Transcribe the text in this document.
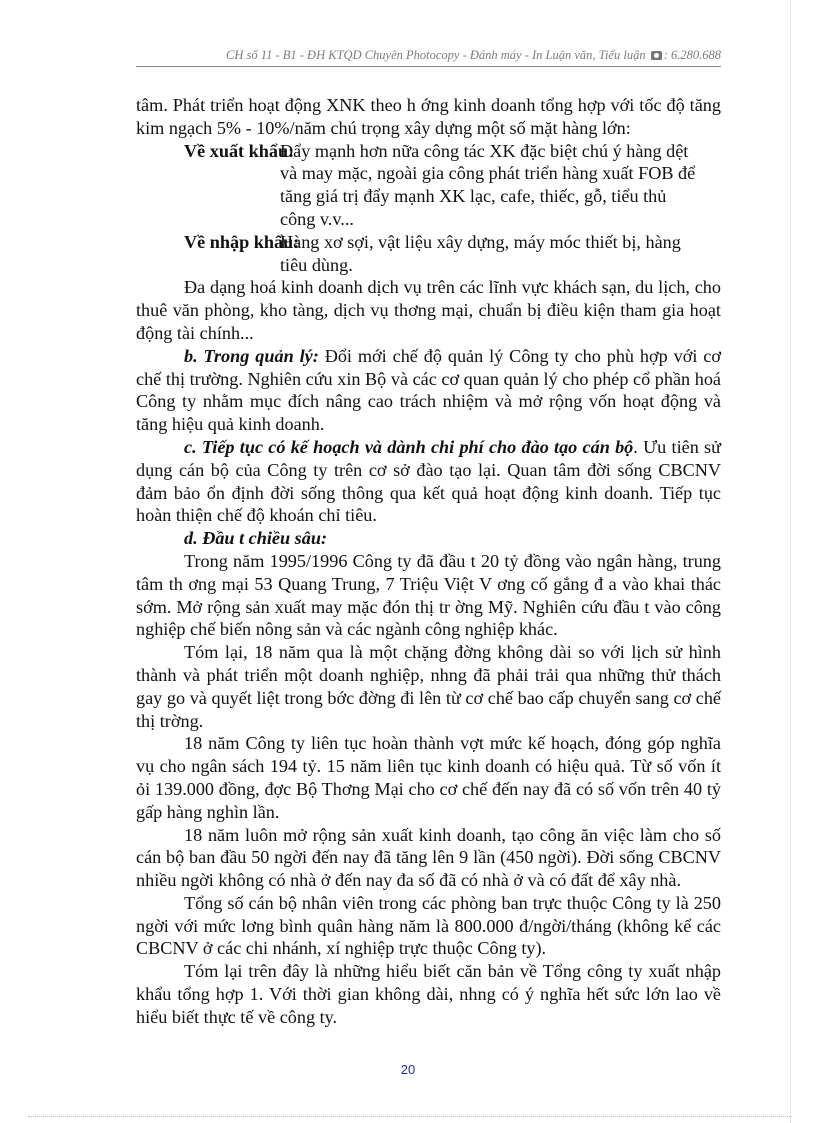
CH số 11 - B1 - ĐH KTQD Chuyên Photocopy - Đánh máy - In Luận văn, Tiểu luận : 6.280.688

tâm. Phát triển hoạt động XNK theo h ớng kinh doanh tổng hợp với tốc độ tăng kim ngạch 5% - 10%/năm chú trọng xây dựng một số mặt hàng lớn:

Về xuất khẩu:
Đẩy mạnh hơn nữa công tác XK đặc biệt chú ý hàng dệt và may mặc, ngoài gia công phát triển hàng xuất FOB để tăng giá trị đẩy mạnh XK lạc, cafe, thiếc, gỗ, tiểu thủ công v.v...
Về nhập khẩu:
Hàng xơ sợi, vật liệu xây dựng, máy móc thiết bị, hàng tiêu dùng.

Đa dạng hoá kinh doanh dịch vụ trên các lĩnh vực khách sạn, du lịch, cho thuê văn phòng, kho tàng, dịch vụ thơng mại, chuẩn bị điều kiện tham gia hoạt động tài chính...

b. Trong quản lý: Đổi mới chế độ quản lý Công ty cho phù hợp với cơ chế thị trường. Nghiên cứu xin Bộ và các cơ quan quản lý cho phép cổ phần hoá Công ty nhằm mục đích nâng cao trách nhiệm và mở rộng vốn hoạt động và tăng hiệu quả kinh doanh.

c. Tiếp tục có kế hoạch và dành chi phí cho đào tạo cán bộ. Ưu tiên sử dụng cán bộ của Công ty trên cơ sở đào tạo lại. Quan tâm đời sống CBCNV đảm bảo ổn định đời sống thông qua kết quả hoạt động kinh doanh. Tiếp tục hoàn thiện chế độ khoán chỉ tiêu.

d. Đầu t chiều sâu:

Trong năm 1995/1996 Công ty đã đầu t 20 tỷ đồng vào ngân hàng, trung tâm th ơng mại 53 Quang Trung, 7 Triệu Việt V ơng cố gắng đ a vào khai thác sớm. Mở rộng sản xuất may mặc đón thị tr ờng Mỹ. Nghiên cứu đầu t vào công nghiệp chế biến nông sản và các ngành công nghiệp khác.

Tóm lại, 18 năm qua là một chặng đờng không dài so với lịch sử hình thành và phát triển một doanh nghiệp, nhng đã phải trải qua những thử thách gay go và quyết liệt trong bớc đờng đi lên từ cơ chế bao cấp chuyển sang cơ chế thị trờng.

18 năm Công ty liên tục hoàn thành vợt mức kế hoạch, đóng góp nghĩa vụ cho ngân sách 194 tỷ. 15 năm liên tục kinh doanh có hiệu quả. Từ số vốn ít ỏi 139.000 đồng, đợc Bộ Thơng Mại cho cơ chế đến nay đã có số vốn trên 40 tỷ gấp hàng nghìn lần.

18 năm luôn mở rộng sản xuất kinh doanh, tạo công ăn việc làm cho số cán bộ ban đầu 50 ngời đến nay đã tăng lên 9 lần (450 ngời). Đời sống CBCNV nhiều ngời không có nhà ở đến nay đa số đã có nhà ở và có đất để xây nhà.

Tổng số cán bộ nhân viên trong các phòng ban trực thuộc Công ty là 250 ngời với mức lơng bình quân hàng năm là 800.000 đ/ngời/tháng (không kể các CBCNV ở các chi nhánh, xí nghiệp trực thuộc Công ty).

Tóm lại trên đây là những hiểu biết căn bản về Tổng công ty xuất nhập khẩu tổng hợp 1. Với thời gian không dài, nhng có ý nghĩa hết sức lớn lao về hiểu biết thực tế về công ty.

20
